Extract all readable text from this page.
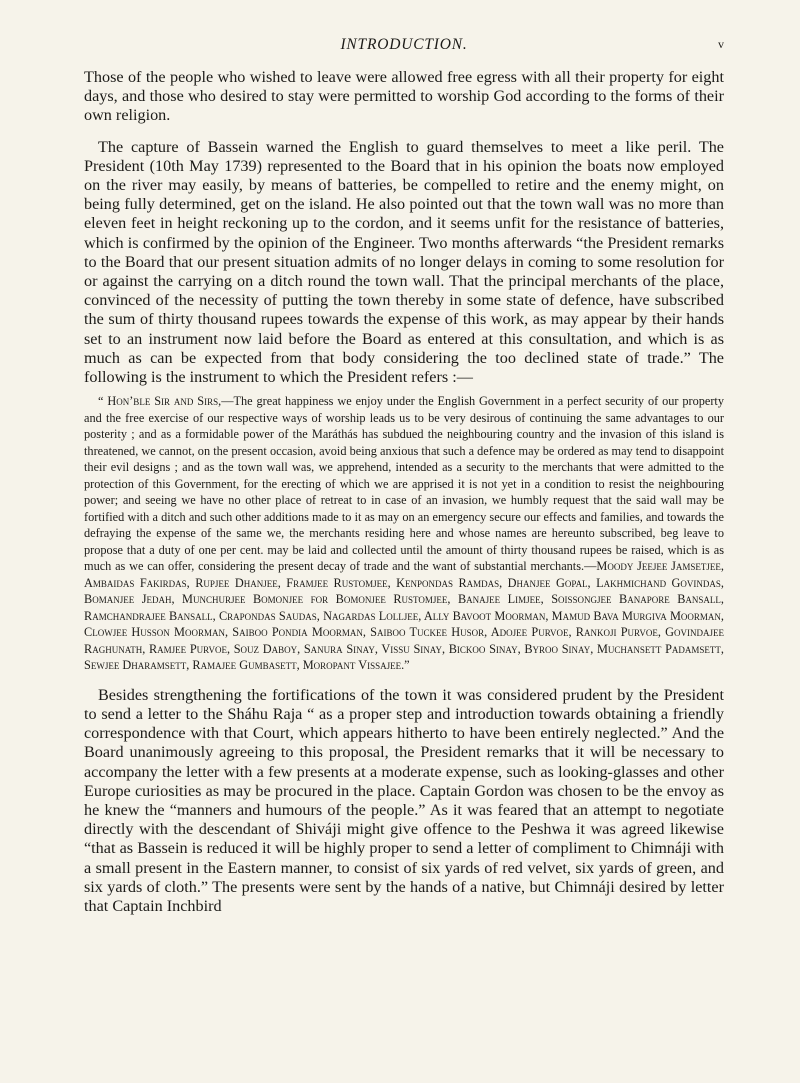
INTRODUCTION.	v

Those of the people who wished to leave were allowed free egress with all their property for eight days, and those who desired to stay were permitted to worship God according to the forms of their own religion.

The capture of Bassein warned the English to guard themselves to meet a like peril. The President (10th May 1739) represented to the Board that in his opinion the boats now employed on the river may easily, by means of batteries, be compelled to retire and the enemy might, on being fully determined, get on the island. He also pointed out that the town wall was no more than eleven feet in height reckoning up to the cordon, and it seems unfit for the resistance of batteries, which is confirmed by the opinion of the Engineer. Two months afterwards “the President remarks to the Board that our present situation admits of no longer delays in coming to some resolution for or against the carrying on a ditch round the town wall. That the principal merchants of the place, convinced of the necessity of putting the town thereby in some state of defence, have subscribed the sum of thirty thousand rupees towards the expense of this work, as may appear by their hands set to an instrument now laid before the Board as entered at this consultation, and which is as much as can be expected from that body considering the too declined state of trade.” The following is the instrument to which the President refers :—

“ Hon’ble Sir and Sirs,—The great happiness we enjoy under the English Government in a perfect security of our property and the free exercise of our respective ways of worship leads us to be very desirous of continuing the same advantages to our posterity ; and as a formidable power of the Maráthás has subdued the neighbouring country and the invasion of this island is threatened, we cannot, on the present occasion, avoid being anxious that such a defence may be ordered as may tend to disappoint their evil designs ; and as the town wall was, we apprehend, intended as a security to the merchants that were admitted to the protection of this Government, for the erecting of which we are apprised it is not yet in a condition to resist the neighbouring power; and seeing we have no other place of retreat to in case of an invasion, we humbly request that the said wall may be fortified with a ditch and such other additions made to it as may on an emergency secure our effects and families, and towards the defraying the expense of the same we, the merchants residing here and whose names are hereunto subscribed, beg leave to propose that a duty of one per cent. may be laid and collected until the amount of thirty thousand rupees be raised, which is as much as we can offer, considering the present decay of trade and the want of substantial merchants.—Moody Jeejee Jamsetjee, Ambaidas Fakirdas, Rupjee Dhanjee, Framjee Rustomjee, Kenpondas Ramdas, Dhanjee Gopal, Lakhmichand Govindas, Bomanjee Jedah, Munchurjee Bomonjee for Bomonjee Rustomjee, Banajee Limjee, Soissongjee Banapore Bansall, Ramchandrajee Bansall, Crapondas Saudas, Nagardas Lolljee, Ally Bavoot Moorman, Mamud Bava Murgiva Moorman, Clowjee Husson Moorman, Saiboo Pondia Moorman, Saiboo Tuckee Husor, Adojee Purvoe, Rankoji Purvoe, Govindajee Raghunath, Ramjee Purvoe, Souz Daboy, Sanura Sinay, Vissu Sinay, Bickoo Sinay, Byroo Sinay, Muchansett Padamsett, Sewjee Dharamsett, Ramajee Gumbasett, Moropant Vissajee.”

Besides strengthening the fortifications of the town it was considered prudent by the President to send a letter to the Sháhu Raja “ as a proper step and introduction towards obtaining a friendly correspondence with that Court, which appears hitherto to have been entirely neglected.” And the Board unanimously agreeing to this proposal, the President remarks that it will be necessary to accompany the letter with a few presents at a moderate expense, such as looking-glasses and other Europe curiosities as may be procured in the place. Captain Gordon was chosen to be the envoy as he knew the “manners and humours of the people.” As it was feared that an attempt to negotiate directly with the descendant of Shiváji might give offence to the Peshwa it was agreed likewise “that as Bassein is reduced it will be highly proper to send a letter of compliment to Chimnáji with a small present in the Eastern manner, to consist of six yards of red velvet, six yards of green, and six yards of cloth.” The presents were sent by the hands of a native, but Chimnáji desired by letter that Captain Inchbird
